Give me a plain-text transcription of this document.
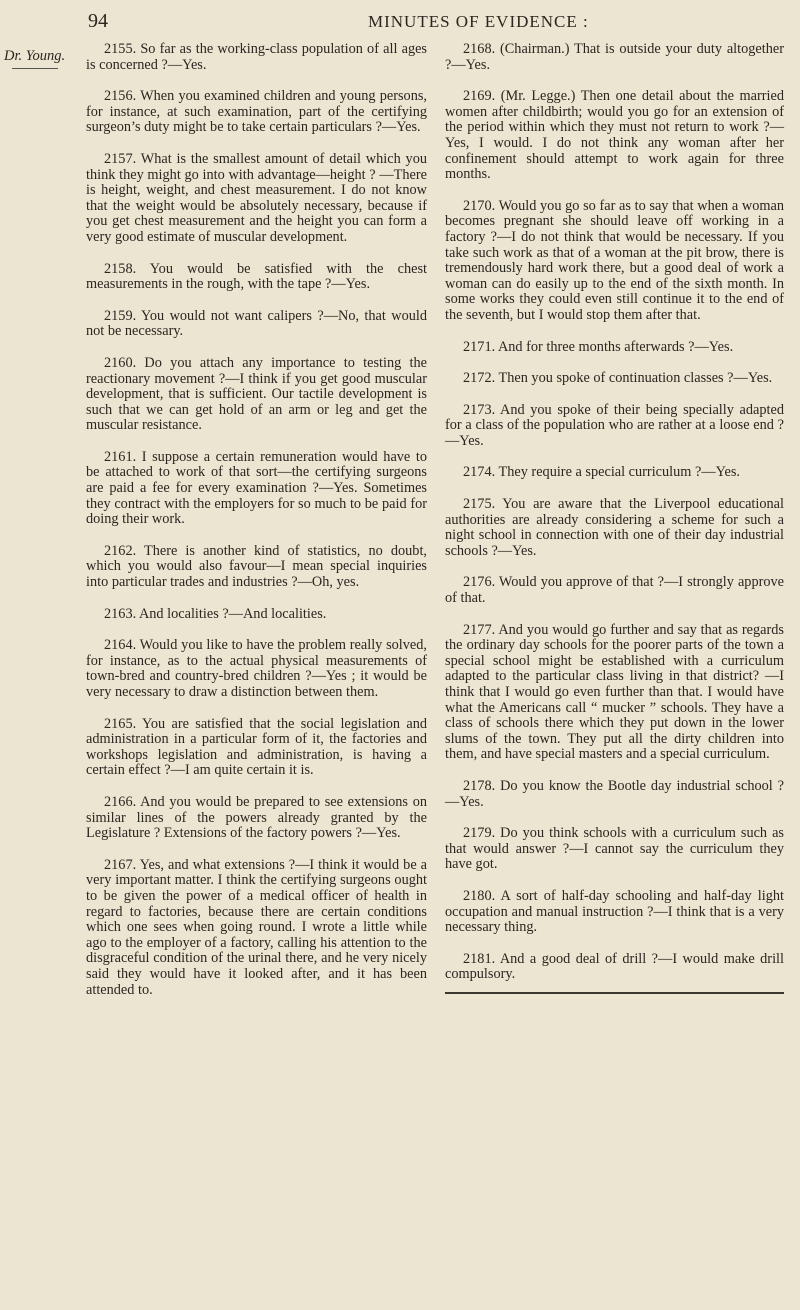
94	MINUTES OF EVIDENCE :
Dr. Young.	2155. So far as the working-class population of all ages is concerned ?—Yes.

2156. When you examined children and young persons, for instance, at such examination, part of the certifying surgeon’s duty might be to take certain particulars ?—Yes.

2157. What is the smallest amount of detail which you think they might go into with advantage—height ? —There is height, weight, and chest measurement. I do not know that the weight would be absolutely necessary, because if you get chest measurement and the height you can form a very good estimate of muscular development.

2158. You would be satisfied with the chest measurements in the rough, with the tape ?—Yes.

2159. You would not want calipers ?—No, that would not be necessary.

2160. Do you attach any importance to testing the reactionary movement ?—I think if you get good muscular development, that is sufficient. Our tactile development is such that we can get hold of an arm or leg and get the muscular resistance.

2161. I suppose a certain remuneration would have to be attached to work of that sort—the certifying surgeons are paid a fee for every examination ?—Yes. Sometimes they contract with the employers for so much to be paid for doing their work.

2162. There is another kind of statistics, no doubt, which you would also favour—I mean special inquiries into particular trades and industries ?—Oh, yes.

2163. And localities ?—And localities.

2164. Would you like to have the problem really solved, for instance, as to the actual physical measurements of town-bred and country-bred children ?—Yes ; it would be very necessary to draw a distinction between them.

2165. You are satisfied that the social legislation and administration in a particular form of it, the factories and workshops legislation and administration, is having a certain effect ?—I am quite certain it is.

2166. And you would be prepared to see extensions on similar lines of the powers already granted by the Legislature ? Extensions of the factory powers ?—Yes.

2167. Yes, and what extensions ?—I think it would be a very important matter. I think the certifying surgeons ought to be given the power of a medical officer of health in regard to factories, because there are certain conditions which one sees when going round. I wrote a little while ago to the employer of a factory, calling his attention to the disgraceful condition of the urinal there, and he very nicely said they would have it looked after, and it has been attended to.

2168. (Chairman.) That is outside your duty altogether ?—Yes.

2169. (Mr. Legge.) Then one detail about the married women after childbirth; would you go for an extension of the period within which they must not return to work ?—Yes, I would. I do not think any woman after her confinement should attempt to work again for three months.

2170. Would you go so far as to say that when a woman becomes pregnant she should leave off working in a factory ?—I do not think that would be necessary. If you take such work as that of a woman at the pit brow, there is tremendously hard work there, but a good deal of work a woman can do easily up to the end of the sixth month. In some works they could even still continue it to the end of the seventh, but I would stop them after that.

2171. And for three months afterwards ?—Yes.

2172. Then you spoke of continuation classes ?—Yes.

2173. And you spoke of their being specially adapted for a class of the population who are rather at a loose end ? —Yes.

2174. They require a special curriculum ?—Yes.

2175. You are aware that the Liverpool educational authorities are already considering a scheme for such a night school in connection with one of their day industrial schools ?—Yes.

2176. Would you approve of that ?—I strongly approve of that.

2177. And you would go further and say that as regards the ordinary day schools for the poorer parts of the town a special school might be established with a curriculum adapted to the particular class living in that district? —I think that I would go even further than that. I would have what the Americans call “ mucker ” schools. They have a class of schools there which they put down in the lower slums of the town. They put all the dirty children into them, and have special masters and a special curriculum.

2178. Do you know the Bootle day industrial school ? —Yes.

2179. Do you think schools with a curriculum such as that would answer ?—I cannot say the curriculum they have got.

2180. A sort of half-day schooling and half-day light occupation and manual instruction ?—I think that is a very necessary thing.

2181. And a good deal of drill ?—I would make drill compulsory.
